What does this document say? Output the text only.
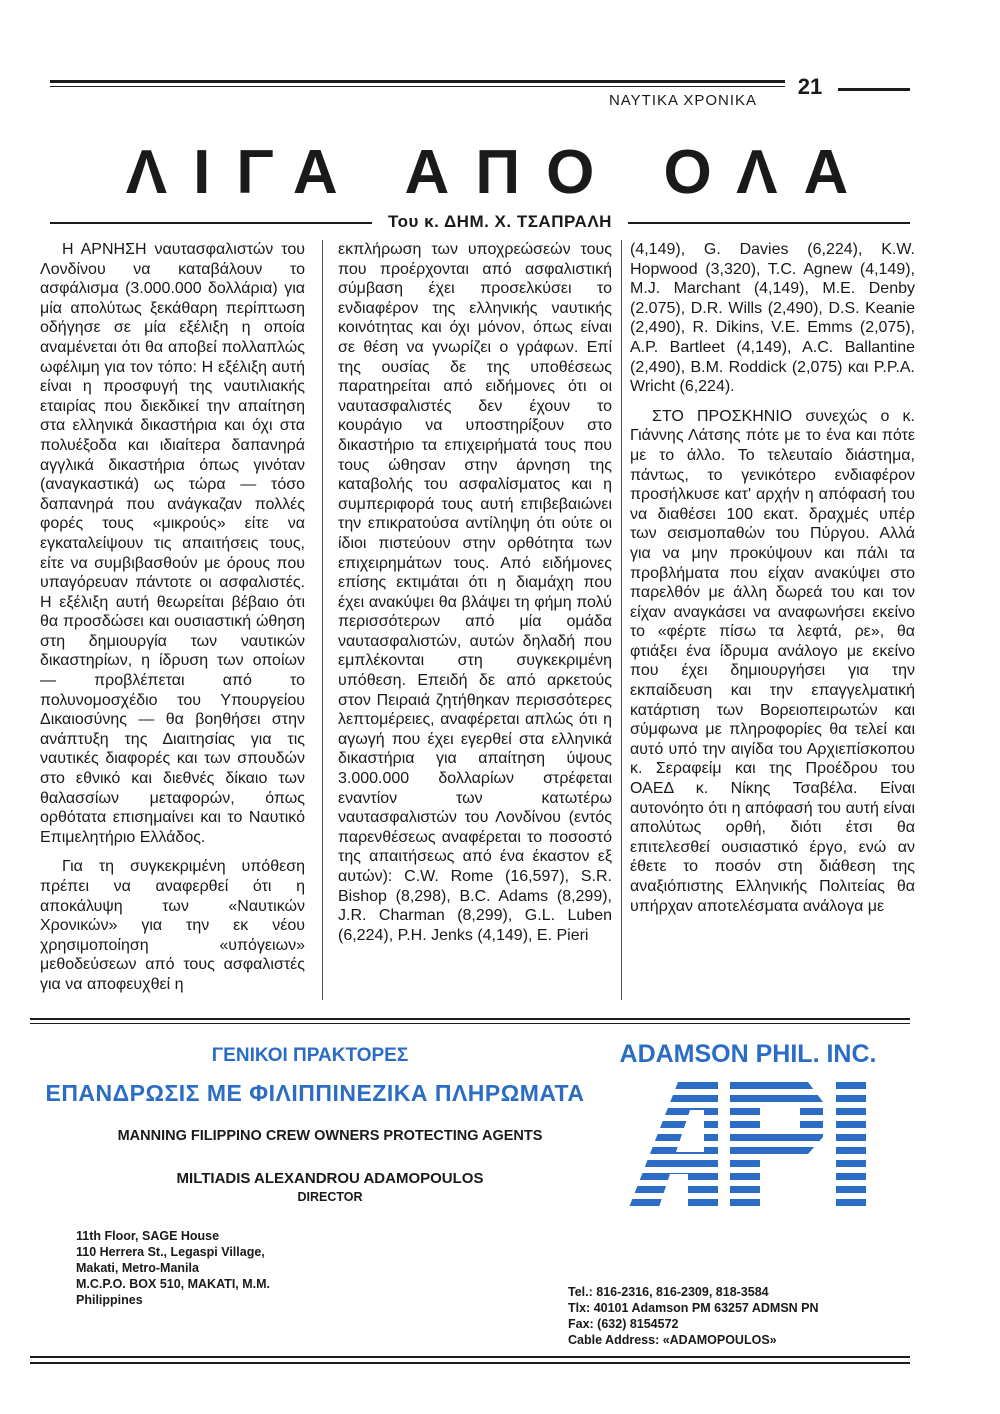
ΝΑΥΤΙΚΑ ΧΡΟΝΙΚΑ
21
ΛΙΓΑ ΑΠΟ ΟΛΑ
Του κ. ΔΗΜ. Χ. ΤΣΑΠΡΑΛΗ

Η ΑΡΝΗΣΗ ναυτασφαλιστών του Λονδίνου να καταβάλουν το ασφάλισμα (3.000.000 δολλάρια) για μία απολύτως ξεκάθαρη περίπτωση οδήγησε σε μία εξέλιξη η οποία αναμένεται ότι θα αποβεί πολλαπλώς ωφέλιμη για τον τόπο: Η εξέλιξη αυτή είναι η προσφυγή της ναυτιλιακής εταιρίας που διεκδικεί την απαίτηση στα ελληνικά δικαστήρια και όχι στα πολυέξοδα και ιδιαίτερα δαπανηρά αγγλικά δικαστήρια όπως γινόταν (αναγκαστικά) ως τώρα — τόσο δαπανηρά που ανάγκαζαν πολλές φορές τους «μικρούς» είτε να εγκαταλείψουν τις απαιτήσεις τους, είτε να συμβιβασθούν με όρους που υπαγόρευαν πάντοτε οι ασφαλιστές. Η εξέλιξη αυτή θεωρείται βέβαιο ότι θα προσδώσει και ουσιαστική ώθηση στη δημιουργία των ναυτικών δικαστηρίων, η ίδρυση των οποίων — προβλέπεται από το πολυνομοσχέδιο του Υπουργείου Δικαιοσύνης — θα βοηθήσει στην ανάπτυξη της Διαιτησίας για τις ναυτικές διαφορές και των σπουδών στο εθνικό και διεθνές δίκαιο των θαλασσίων μεταφορών, όπως ορθότατα επισημαίνει και το Ναυτικό Επιμελητήριο Ελλάδος.

Για τη συγκεκριμένη υπόθεση πρέπει να αναφερθεί ότι η αποκάλυψη των «Ναυτικών Χρονικών» για την εκ νέου χρησιμοποίηση «υπόγειων» μεθοδεύσεων από τους ασφαλιστές για να αποφευχθεί η

εκπλήρωση των υποχρεώσεών τους που προέρχονται από ασφαλιστική σύμβαση έχει προσελκύσει το ενδιαφέρον της ελληνικής ναυτικής κοινότητας και όχι μόνον, όπως είναι σε θέση να γνωρίζει ο γράφων. Επί της ουσίας δε της υποθέσεως παρατηρείται από ειδήμονες ότι οι ναυτασφαλιστές δεν έχουν το κουράγιο να υποστηρίξουν στο δικαστήριο τα επιχειρήματά τους που τους ώθησαν στην άρνηση της καταβολής του ασφαλίσματος και η συμπεριφορά τους αυτή επιβεβαιώνει την επικρατούσα αντίληψη ότι ούτε οι ίδιοι πιστεύουν στην ορθότητα των επιχειρημάτων τους. Από ειδήμονες επίσης εκτιμάται ότι η διαμάχη που έχει ανακύψει θα βλάψει τη φήμη πολύ περισσότερων από μία ομάδα ναυτασφαλιστών, αυτών δηλαδή που εμπλέκονται στη συγκεκριμένη υπόθεση. Επειδή δε από αρκετούς στον Πειραιά ζητήθηκαν περισσότερες λεπτομέρειες, αναφέρεται απλώς ότι η αγωγή που έχει εγερθεί στα ελληνικά δικαστήρια για απαίτηση ύψους 3.000.000 δολλαρίων στρέφεται εναντίον των κατωτέρω ναυτασφαλιστών του Λονδίνου (εντός παρενθέσεως αναφέρεται το ποσοστό της απαιτήσεως από ένα έκαστον εξ αυτών): C.W. Rome (16,597), S.R. Bishop (8,298), B.C. Adams (8,299), J.R. Charman (8,299), G.L. Luben (6,224), P.H. Jenks (4,149), E. Pieri

(4,149), G. Davies (6,224), K.W. Hopwood (3,320), T.C. Agnew (4,149), M.J. Marchant (4,149), M.E. Denby (2.075), D.R. Wills (2,490), D.S. Keanie (2,490), R. Dikins, V.E. Emms (2,075), A.P. Bartleet (4,149), A.C. Ballantine (2,490), B.M. Roddick (2,075) και P.P.A. Wricht (6,224).

ΣΤΟ ΠΡΟΣΚΗΝΙΟ συνεχώς ο κ. Γιάννης Λάτσης πότε με το ένα και πότε με το άλλο. Το τελευταίο διάστημα, πάντως, το γενικότερο ενδιαφέρον προσήλκυσε κατ' αρχήν η απόφασή του να διαθέσει 100 εκατ. δραχμές υπέρ των σεισμοπαθών του Πύργου. Αλλά για να μην προκύψουν και πάλι τα προβλήματα που είχαν ανακύψει στο παρελθόν με άλλη δωρεά του και τον είχαν αναγκάσει να αναφωνήσει εκείνο το «φέρτε πίσω τα λεφτά, ρε», θα φτιάξει ένα ίδρυμα ανάλογο με εκείνο που έχει δημιουργήσει για την εκπαίδευση και την επαγγελματική κατάρτιση των Βορειοπειρωτών και σύμφωνα με πληροφορίες θα τελεί και αυτό υπό την αιγίδα του Αρχιεπίσκοπου κ. Σεραφείμ και της Προέδρου του ΟΑΕΔ κ. Νίκης Τσαβέλα. Είναι αυτονόητο ότι η απόφασή του αυτή είναι απολύτως ορθή, διότι έτσι θα επιτελεσθεί ουσιαστικό έργο, ενώ αν έθετε το ποσόν στη διάθεση της αναξιόπιστης Ελληνικής Πολιτείας θα υπήρχαν αποτελέσματα ανάλογα με

ΓΕΝΙΚΟΙ ΠΡΑΚΤΟΡΕΣ
ΕΠΑΝΔΡΩΣΙΣ ΜΕ ΦΙΛΙΠΠΙΝΕΖΙΚΑ ΠΛΗΡΩΜΑΤΑ
MANNING FILIPPINO CREW OWNERS PROTECTING AGENTS
MILTIADIS ALEXANDROU ADAMOPOULOS
DIRECTOR
ADAMSON PHIL. INC.
11th Floor, SAGE House
110 Herrera St., Legaspi Village,
Makati, Metro-Manila
M.C.P.O. BOX 510, MAKATI, M.M.
Philippines
Tel.: 816-2316, 816-2309, 818-3584
Tlx: 40101 Adamson PM 63257 ADMSN PN
Fax: (632) 8154572
Cable Address: «ADAMOPOULOS»
